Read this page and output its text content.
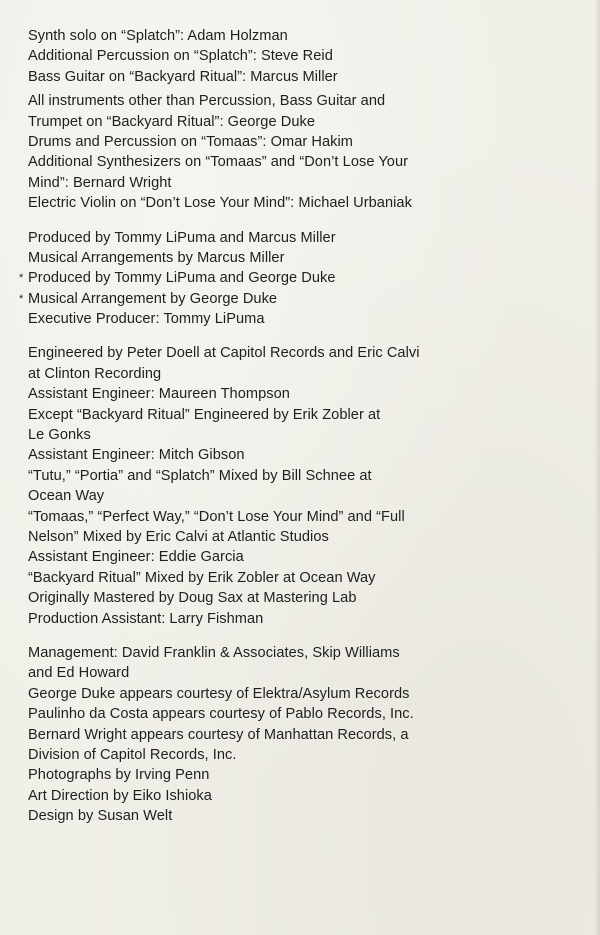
Synth solo on “Splatch”: Adam Holzman
Additional Percussion on “Splatch”: Steve Reid
Bass Guitar on “Backyard Ritual”: Marcus Miller
All instruments other than Percussion, Bass Guitar and
Trumpet on “Backyard Ritual”: George Duke
Drums and Percussion on “Tomaas”: Omar Hakim
Additional Synthesizers on “Tomaas” and “Don’t Lose Your
Mind”: Bernard Wright
Electric Violin on “Don’t Lose Your Mind”: Michael Urbaniak
Produced by Tommy LiPuma and Marcus Miller
Musical Arrangements by Marcus Miller
* Produced by Tommy LiPuma and George Duke
* Musical Arrangement by George Duke
Executive Producer: Tommy LiPuma
Engineered by Peter Doell at Capitol Records and Eric Calvi
at Clinton Recording
Assistant Engineer: Maureen Thompson
Except “Backyard Ritual” Engineered by Erik Zobler at
Le Gonks
Assistant Engineer: Mitch Gibson
“Tutu,” “Portia” and “Splatch” Mixed by Bill Schnee at
Ocean Way
“Tomaas,” “Perfect Way,” “Don’t Lose Your Mind” and “Full
Nelson” Mixed by Eric Calvi at Atlantic Studios
Assistant Engineer: Eddie Garcia
“Backyard Ritual” Mixed by Erik Zobler at Ocean Way
Originally Mastered by Doug Sax at Mastering Lab
Production Assistant: Larry Fishman
Management: David Franklin & Associates, Skip Williams
and Ed Howard
George Duke appears courtesy of Elektra/Asylum Records
Paulinho da Costa appears courtesy of Pablo Records, Inc.
Bernard Wright appears courtesy of Manhattan Records, a
Division of Capitol Records, Inc.
Photographs by Irving Penn
Art Direction by Eiko Ishioka
Design by Susan Welt
